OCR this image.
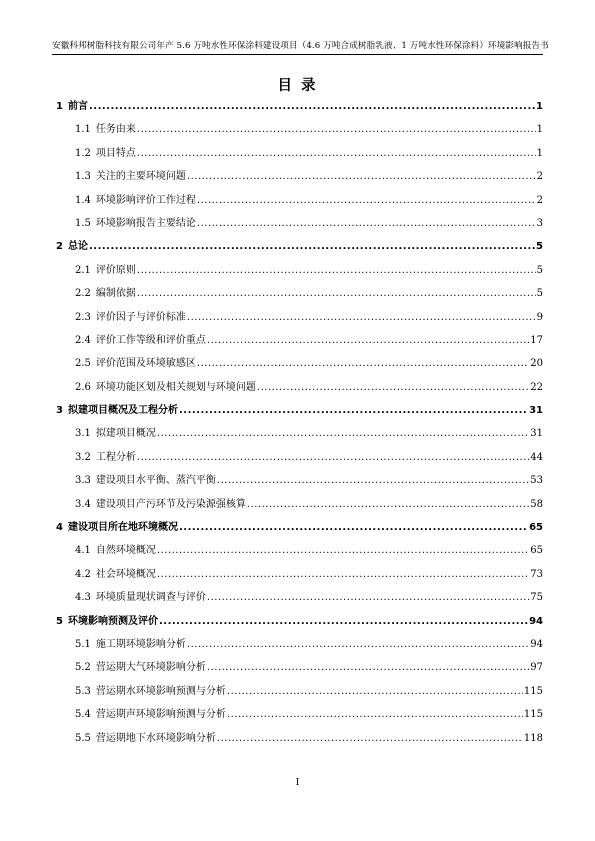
安徽科邦树脂科技有限公司年产 5.6 万吨水性环保涂料建设项目（4.6 万吨合成树脂乳液、1 万吨水性环保涂料）环境影响报告书
目 录
1 前言 .....	1
1.1 任务由来 .....	1
1.2 项目特点 .....	1
1.3 关注的主要环境问题 .....	2
1.4 环境影响评价工作过程 .....	2
1.5 环境影响报告主要结论 .....	3
2 总论 .....	5
2.1 评价原则 .....	5
2.2 编制依据 .....	5
2.3 评价因子与评价标准 .....	9
2.4 评价工作等级和评价重点 .....	17
2.5 评价范围及环境敏感区 .....	20
2.6 环境功能区划及相关规划与环境问题 .....	22
3 拟建项目概况及工程分析 .....	31
3.1 拟建项目概况 .....	31
3.2 工程分析 .....	44
3.3 建设项目水平衡、蒸汽平衡 .....	53
3.4 建设项目产污环节及污染源强核算 .....	58
4 建设项目所在地环境概况 .....	65
4.1 自然环境概况 .....	65
4.2 社会环境概况 .....	73
4.3 环境质量现状调查与评价 .....	75
5 环境影响预测及评价 .....	94
5.1 施工期环境影响分析 .....	94
5.2 营运期大气环境影响分析 .....	97
5.3 营运期水环境影响预测与分析 .....	115
5.4 营运期声环境影响预测与分析 .....	115
5.5 营运期地下水环境影响分析 .....	118
I
